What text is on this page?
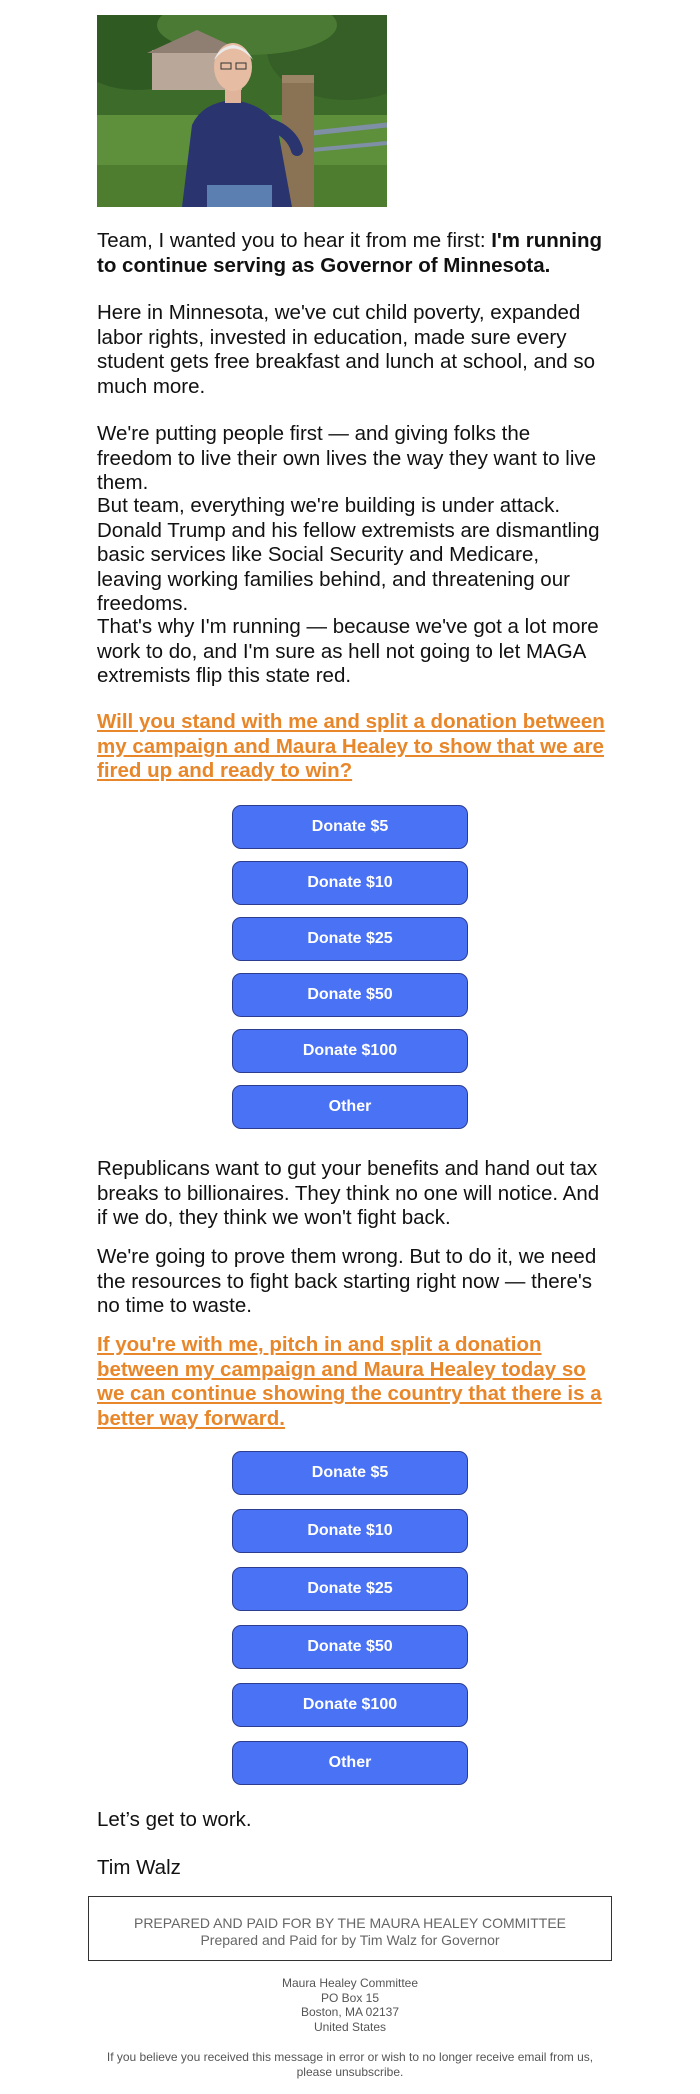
Team, I wanted you to hear it from me first: I'm running to continue serving as Governor of Minnesota.

Here in Minnesota, we've cut child poverty, expanded labor rights, invested in education, made sure every student gets free breakfast and lunch at school, and so much more.

We're putting people first — and giving folks the freedom to live their own lives the way they want to live them.

But team, everything we're building is under attack. Donald Trump and his fellow extremists are dismantling basic services like Social Security and Medicare, leaving working families behind, and threatening our freedoms.

That's why I'm running — because we've got a lot more work to do, and I'm sure as hell not going to let MAGA extremists flip this state red.

Will you stand with me and split a donation between my campaign and Maura Healey to show that we are fired up and ready to win?

Donate $5
Donate $10
Donate $25
Donate $50
Donate $100
Other

Republicans want to gut your benefits and hand out tax breaks to billionaires. They think no one will notice. And if we do, they think we won't fight back.

We're going to prove them wrong. But to do it, we need the resources to fight back starting right now — there's no time to waste.

If you're with me, pitch in and split a donation between my campaign and Maura Healey today so we can continue showing the country that there is a better way forward.

Donate $5
Donate $10
Donate $25
Donate $50
Donate $100
Other

Let’s get to work.

Tim Walz

PREPARED AND PAID FOR BY THE MAURA HEALEY COMMITTEE
Prepared and Paid for by Tim Walz for Governor
Maura Healey Committee
PO Box 15
Boston, MA 02137
United States
If you believe you received this message in error or wish to no longer receive email from us,
please unsubscribe.
